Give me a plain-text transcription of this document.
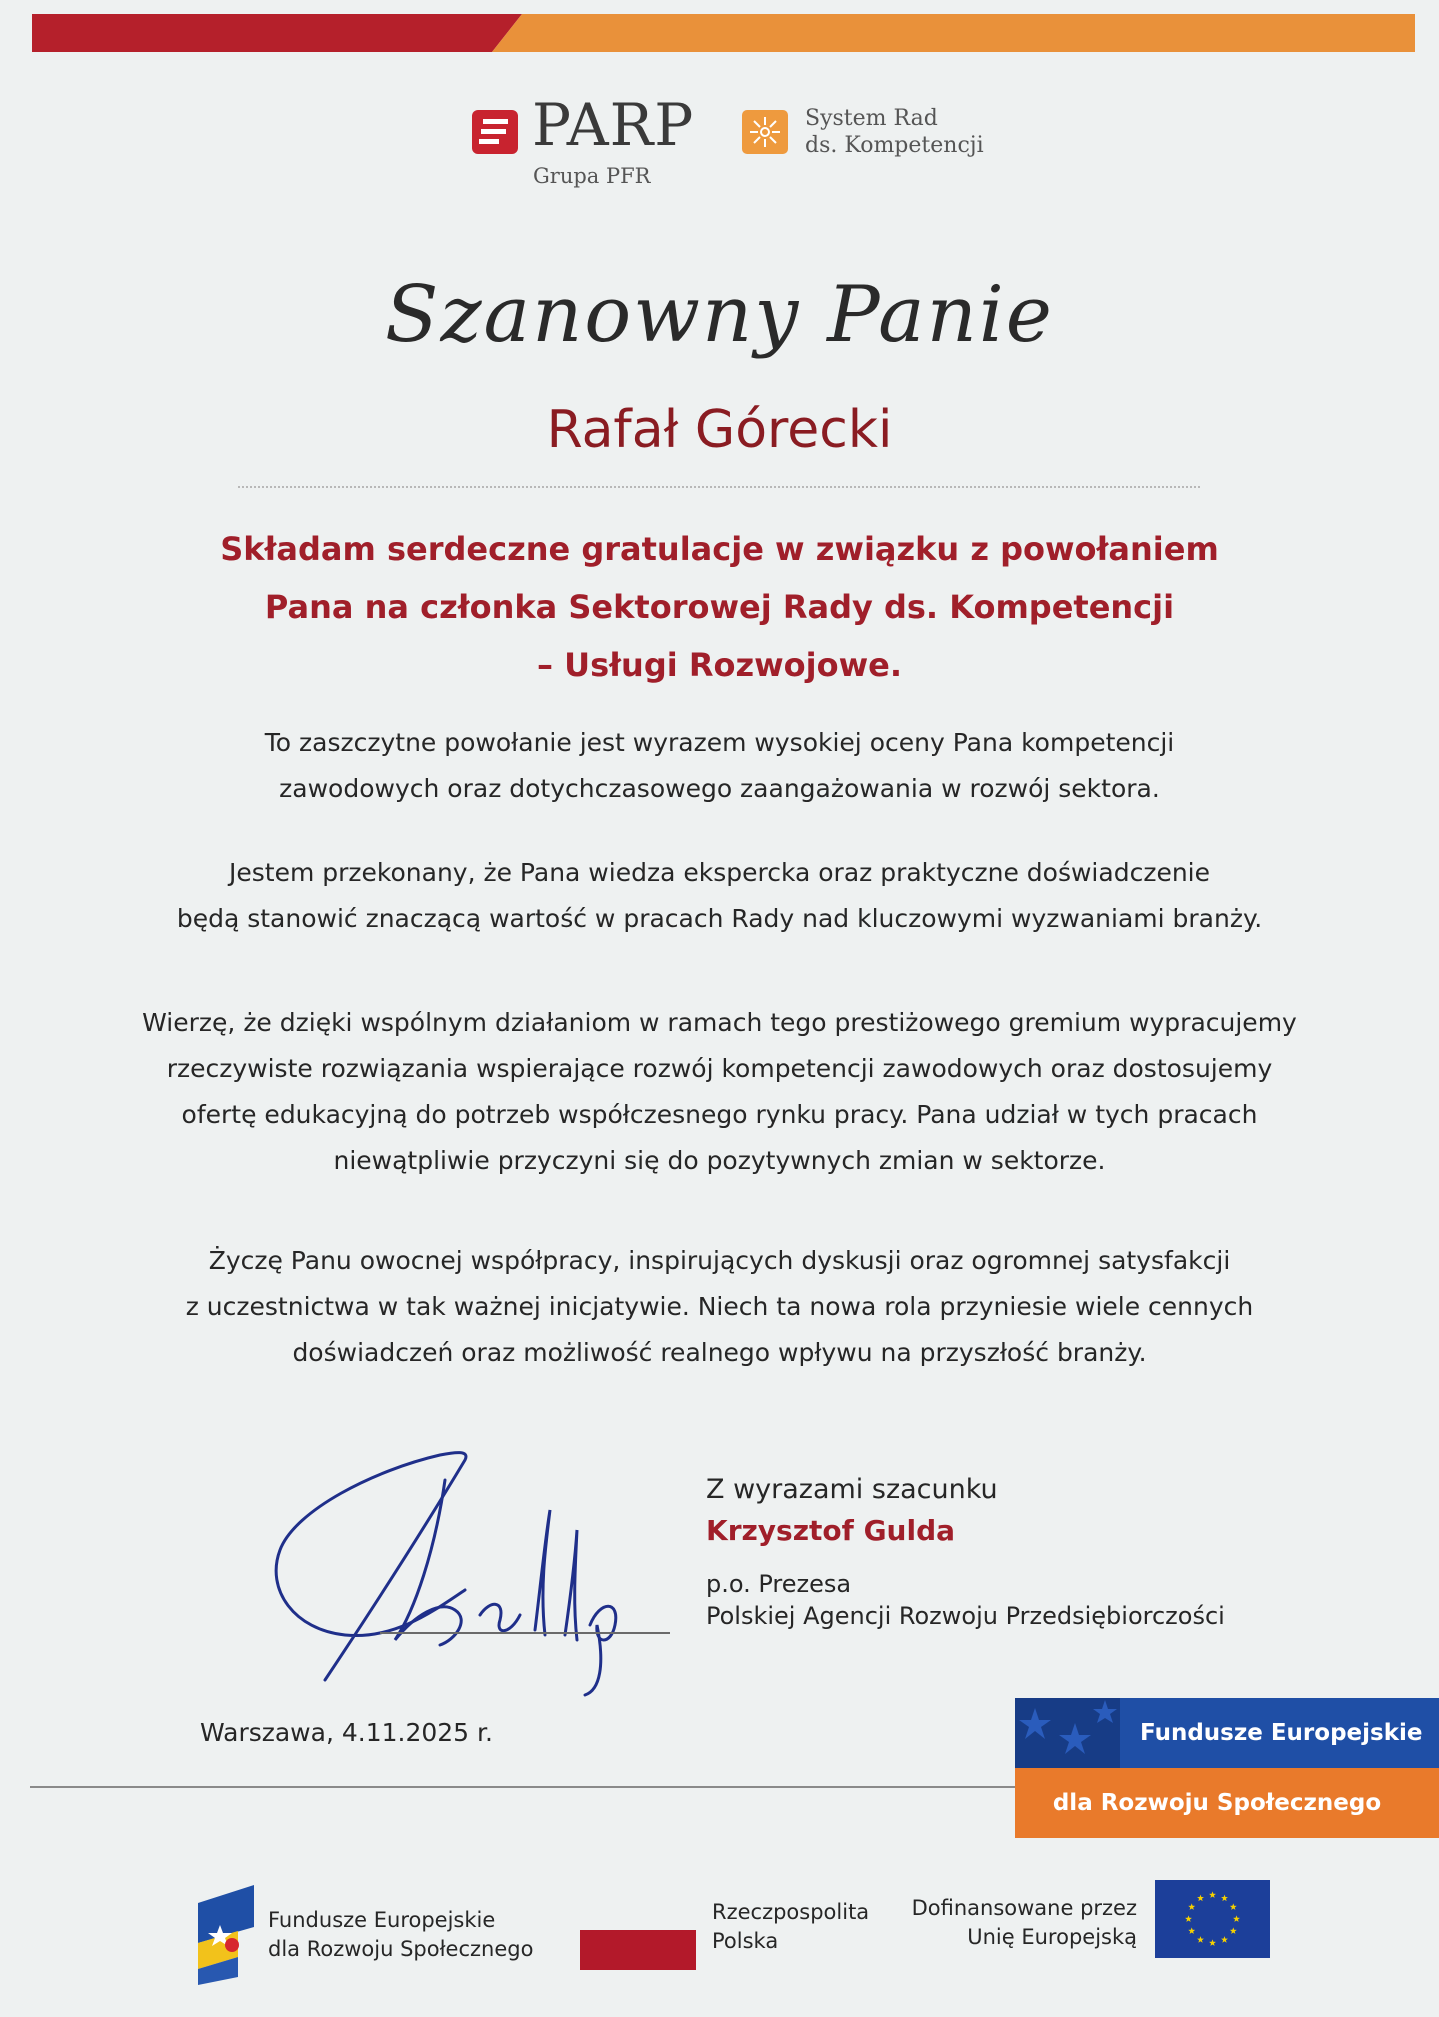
PARP
Grupa PFR
System Rad
ds. Kompetencji
Szanowny Panie
Rafał Górecki
Składam serdeczne gratulacje w związku z powołaniem
Pana na członka Sektorowej Rady ds. Kompetencji
– Usługi Rozwojowe.
To zaszczytne powołanie jest wyrazem wysokiej oceny Pana kompetencji
zawodowych oraz dotychczasowego zaangażowania w rozwój sektora.
Jestem przekonany, że Pana wiedza ekspercka oraz praktyczne doświadczenie
będą stanowić znaczącą wartość w pracach Rady nad kluczowymi wyzwaniami branży.
Wierzę, że dzięki wspólnym działaniom w ramach tego prestiżowego gremium wypracujemy
rzeczywiste rozwiązania wspierające rozwój kompetencji zawodowych oraz dostosujemy
ofertę edukacyjną do potrzeb współczesnego rynku pracy. Pana udział w tych pracach
niewątpliwie przyczyni się do pozytywnych zmian w sektorze.
Życzę Panu owocnej współpracy, inspirujących dyskusji oraz ogromnej satysfakcji
z uczestnictwa w tak ważnej inicjatywie. Niech ta nowa rola przyniesie wiele cennych
doświadczeń oraz możliwość realnego wpływu na przyszłość branży.
Z wyrazami szacunku
Krzysztof Gulda
p.o. Prezesa
Polskiej Agencji Rozwoju Przedsiębiorczości
Warszawa, 4.11.2025 r.	Fundusze Europejskie
dla Rozwoju Społecznego
Fundusze Europejskie
dla Rozwoju Społecznego
Rzeczpospolita
Polska
Dofinansowane przez
Unię Europejską
